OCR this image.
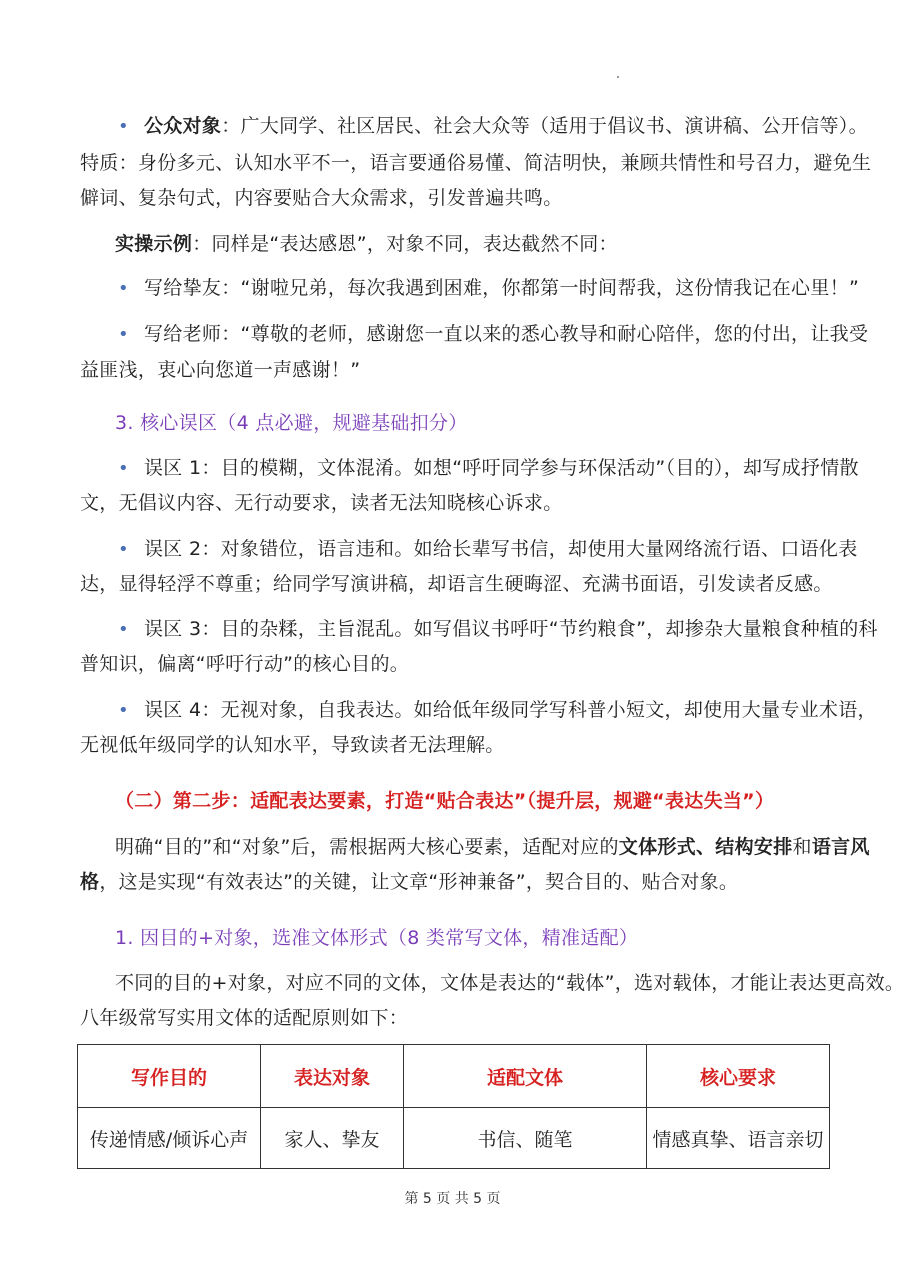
• 公众对象：广大同学、社区居民、社会大众等（适用于倡议书、演讲稿、公开信等）。
特质：身份多元、认知水平不一，语言要通俗易懂、简洁明快，兼顾共情性和号召力，避免生
僻词、复杂句式，内容要贴合大众需求，引发普遍共鸣。
实操示例：同样是“表达感恩”，对象不同，表达截然不同：
• 写给挚友：“谢啦兄弟，每次我遇到困难，你都第一时间帮我，这份情我记在心里！”
• 写给老师：“尊敬的老师，感谢您一直以来的悉心教导和耐心陪伴，您的付出，让我受
益匪浅，衷心向您道一声感谢！”
3. 核心误区（4 点必避，规避基础扣分）
• 误区 1：目的模糊，文体混淆。如想“呼吁同学参与环保活动”（目的），却写成抒情散
文，无倡议内容、无行动要求，读者无法知晓核心诉求。
• 误区 2：对象错位，语言违和。如给长辈写书信，却使用大量网络流行语、口语化表
达，显得轻浮不尊重；给同学写演讲稿，却语言生硬晦涩、充满书面语，引发读者反感。
• 误区 3：目的杂糅，主旨混乱。如写倡议书呼吁“节约粮食”，却掺杂大量粮食种植的科
普知识，偏离“呼吁行动”的核心目的。
• 误区 4：无视对象，自我表达。如给低年级同学写科普小短文，却使用大量专业术语，
无视低年级同学的认知水平，导致读者无法理解。
（二）第二步：适配表达要素，打造“贴合表达”（提升层，规避“表达失当”）
明确“目的”和“对象”后，需根据两大核心要素，适配对应的文体形式、结构安排和语言风
格，这是实现“有效表达”的关键，让文章“形神兼备”，契合目的、贴合对象。
1. 因目的+对象，选准文体形式（8 类常写文体，精准适配）
不同的目的+对象，对应不同的文体，文体是表达的“载体”，选对载体，才能让表达更高效。
八年级常写实用文体的适配原则如下：
写作目的	表达对象	适配文体	核心要求
传递情感/倾诉心声	家人、挚友	书信、随笔	情感真挚、语言亲切
第 5 页 共 5 页
